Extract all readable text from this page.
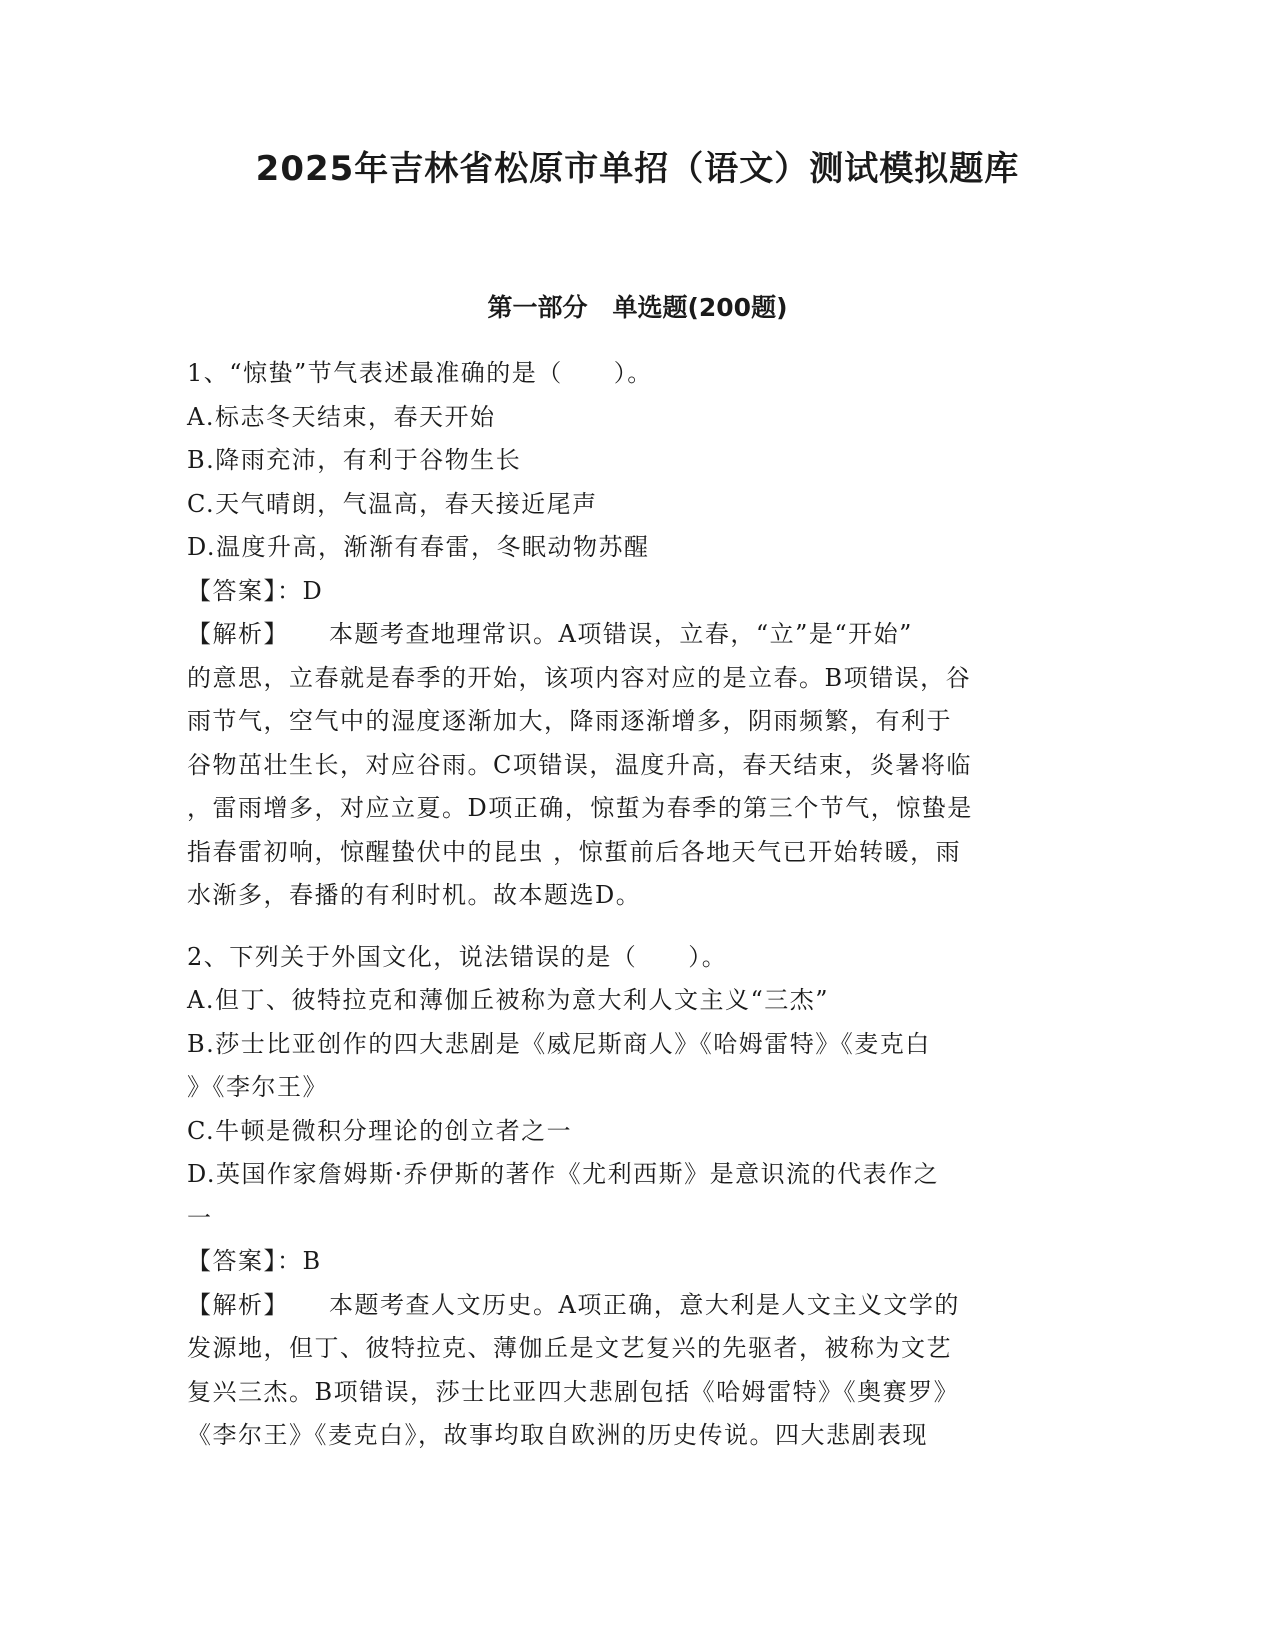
2025年吉林省松原市单招（语文）测试模拟题库
第一部分　单选题(200题)
1、“惊蛰”节气表述最准确的是（　　）。
A.标志冬天结束，春天开始
B.降雨充沛，有利于谷物生长
C.天气晴朗，气温高，春天接近尾声
D.温度升高，渐渐有春雷，冬眠动物苏醒
【答案】：D
【解析】 本题考查地理常识。A项错误，立春，“立”是“开始”
的意思，立春就是春季的开始，该项内容对应的是立春。B项错误，谷
雨节气，空气中的湿度逐渐加大，降雨逐渐增多，阴雨频繁，有利于
谷物茁壮生长，对应谷雨。C项错误，温度升高，春天结束，炎暑将临
，雷雨增多，对应立夏。D项正确，惊蜇为春季的第三个节气，惊蛰是
指春雷初响，惊醒蛰伏中的昆虫 ，惊蜇前后各地天气已开始转暖，雨
水渐多，春播的有利时机。故本题选D。
2、下列关于外国文化，说法错误的是（　　）。
A.但丁、彼特拉克和薄伽丘被称为意大利人文主义“三杰”
B.莎士比亚创作的四大悲剧是《威尼斯商人》《哈姆雷特》《麦克白
》《李尔王》
C.牛顿是微积分理论的创立者之一
D.英国作家詹姆斯·乔伊斯的著作《尤利西斯》是意识流的代表作之
一
【答案】：B
【解析】 本题考查人文历史。A项正确，意大利是人文主义文学的
发源地，但丁、彼特拉克、薄伽丘是文艺复兴的先驱者，被称为文艺
复兴三杰。B项错误，莎士比亚四大悲剧包括《哈姆雷特》《奥赛罗》
《李尔王》《麦克白》，故事均取自欧洲的历史传说。四大悲剧表现
